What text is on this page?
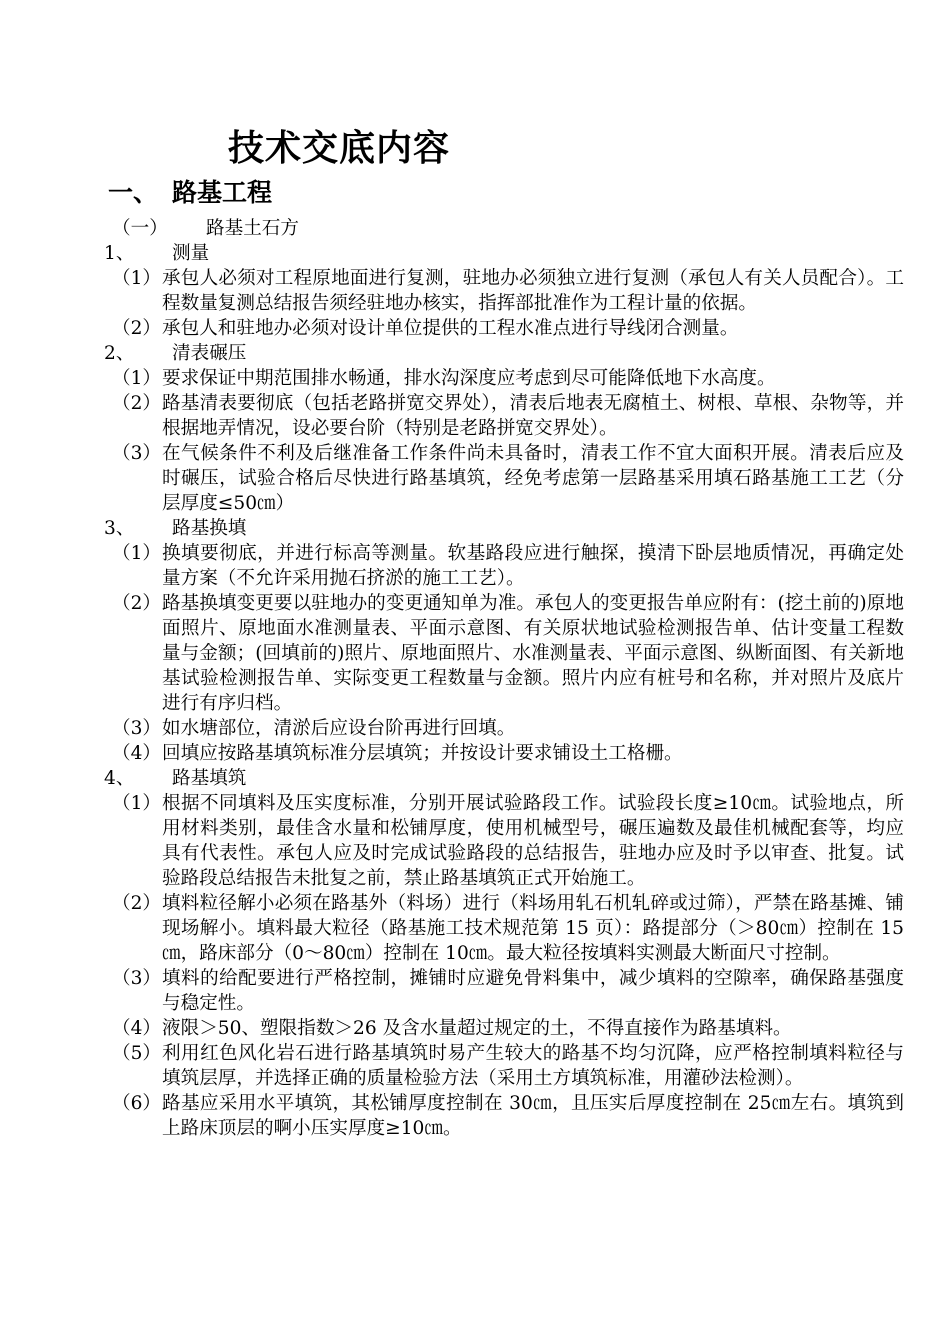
技术交底内容
一、 路基工程
（一） 路基土石方
1、 测量
（1） 承包人必须对工程原地面进行复测，驻地办必须独立进行复测（承包人有关人员配合）。工程数量复测总结报告须经驻地办核实，指挥部批准作为工程计量的依据。
（2） 承包人和驻地办必须对设计单位提供的工程水准点进行导线闭合测量。
2、 清表碾压
（1） 要求保证中期范围排水畅通，排水沟深度应考虑到尽可能降低地下水高度。
（2） 路基清表要彻底（包括老路拼宽交界处），清表后地表无腐植土、树根、草根、杂物等，并根据地弄情况，设必要台阶（特别是老路拼宽交界处）。
（3） 在气候条件不利及后继准备工作条件尚未具备时，清表工作不宜大面积开展。清表后应及时碾压，试验合格后尽快进行路基填筑，经免考虑第一层路基采用填石路基施工工艺（分层厚度≤50㎝）
3、 路基换填
（1） 换填要彻底，并进行标高等测量。软基路段应进行触探，摸清下卧层地质情况，再确定处量方案（不允许采用抛石挤淤的施工工艺）。
（2） 路基换填变更要以驻地办的变更通知单为准。承包人的变更报告单应附有：(挖土前的)原地面照片、原地面水准测量表、平面示意图、有关原状地试验检测报告单、估计变量工程数量与金额；(回填前的)照片、原地面照片、水准测量表、平面示意图、纵断面图、有关新地基试验检测报告单、实际变更工程数量与金额。照片内应有桩号和名称，并对照片及底片进行有序归档。
（3） 如水塘部位，清淤后应设台阶再进行回填。
（4） 回填应按路基填筑标准分层填筑；并按设计要求铺设土工格栅。
4、 路基填筑
（1） 根据不同填料及压实度标准，分别开展试验路段工作。试验段长度≥10㎝。试验地点，所用材料类别，最佳含水量和松铺厚度，使用机械型号，碾压遍数及最佳机械配套等，均应具有代表性。承包人应及时完成试验路段的总结报告，驻地办应及时予以审查、批复。试验路段总结报告未批复之前，禁止路基填筑正式开始施工。
（2） 填料粒径解小必须在路基外（料场）进行（料场用轧石机轧碎或过筛），严禁在路基摊、铺现场解小。填料最大粒径（路基施工技术规范第 15 页）：路提部分（＞80㎝）控制在 15㎝，路床部分（0～80㎝）控制在 10㎝。最大粒径按填料实测最大断面尺寸控制。
（3） 填料的给配要进行严格控制，摊铺时应避免骨料集中，减少填料的空隙率，确保路基强度与稳定性。
（4） 液限＞50、塑限指数＞26 及含水量超过规定的土，不得直接作为路基填料。
（5） 利用红色风化岩石进行路基填筑时易产生较大的路基不均匀沉降，应严格控制填料粒径与填筑层厚，并选择正确的质量检验方法（采用土方填筑标准，用灌砂法检测）。
（6） 路基应采用水平填筑，其松铺厚度控制在 30㎝，且压实后厚度控制在 25㎝左右。填筑到上路床顶层的啊小压实厚度≥10㎝。
